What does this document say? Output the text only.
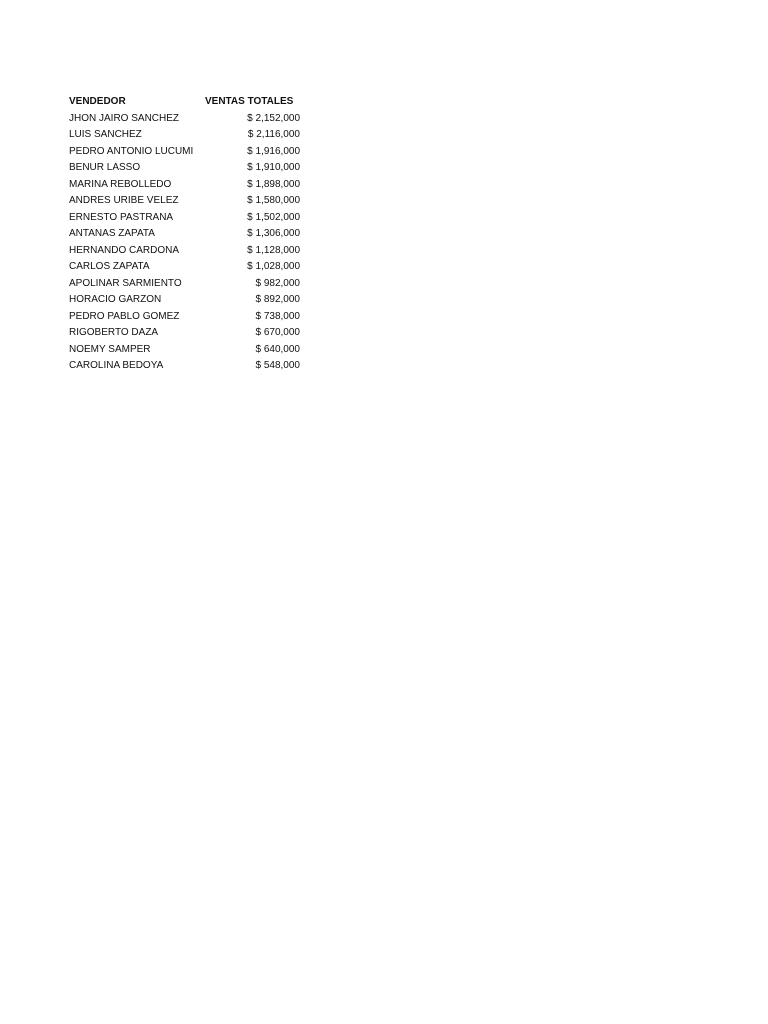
VENDEDOR	VENTAS TOTALES
JHON JAIRO SANCHEZ	$ 2,152,000
LUIS SANCHEZ	$ 2,116,000
PEDRO ANTONIO LUCUMI	$ 1,916,000
BENUR LASSO	$ 1,910,000
MARINA REBOLLEDO	$ 1,898,000
ANDRES URIBE VELEZ	$ 1,580,000
ERNESTO PASTRANA	$ 1,502,000
ANTANAS ZAPATA	$ 1,306,000
HERNANDO CARDONA	$ 1,128,000
CARLOS ZAPATA	$ 1,028,000
APOLINAR SARMIENTO	$ 982,000
HORACIO GARZON	$ 892,000
PEDRO PABLO GOMEZ	$ 738,000
RIGOBERTO DAZA	$ 670,000
NOEMY SAMPER	$ 640,000
CAROLINA BEDOYA	$ 548,000
